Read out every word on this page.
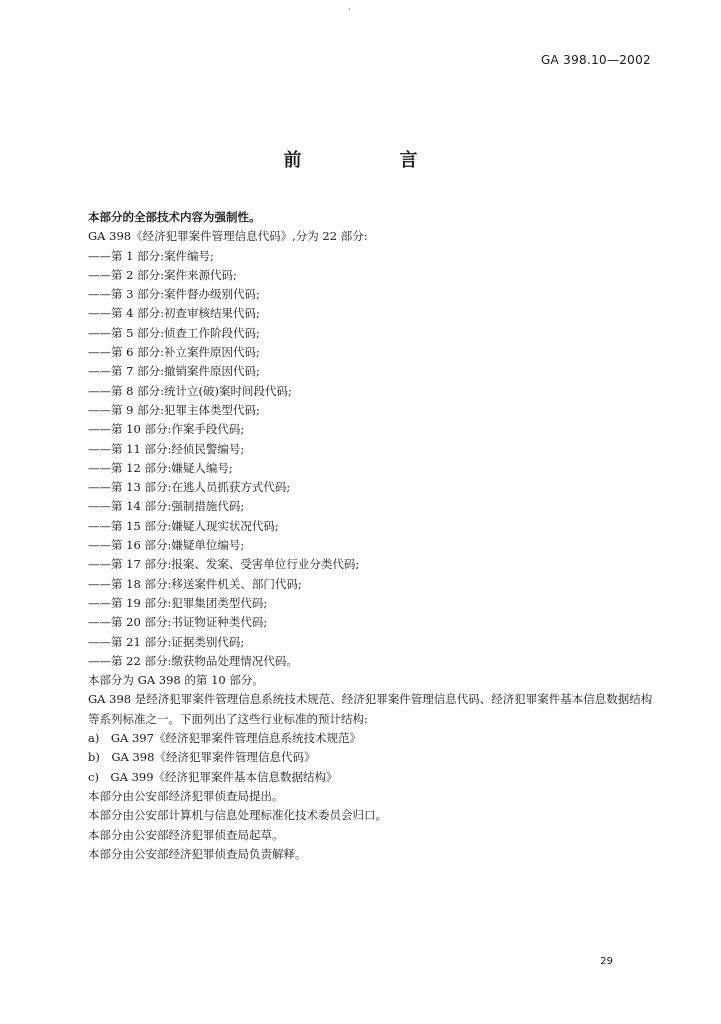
GA 398.10—2002
前　言
本部分的全部技术内容为强制性。
GA 398《经济犯罪案件管理信息代码》,分为 22 部分:
——第 1 部分:案件编号;
——第 2 部分:案件来源代码;
——第 3 部分:案件督办级别代码;
——第 4 部分:初查审核结果代码;
——第 5 部分:侦查工作阶段代码;
——第 6 部分:补立案件原因代码;
——第 7 部分:撤销案件原因代码;
——第 8 部分:统计立(破)案时间段代码;
——第 9 部分:犯罪主体类型代码;
——第 10 部分:作案手段代码;
——第 11 部分:经侦民警编号;
——第 12 部分:嫌疑人编号;
——第 13 部分:在逃人员抓获方式代码;
——第 14 部分:强制措施代码;
——第 15 部分:嫌疑人现实状况代码;
——第 16 部分:嫌疑单位编号;
——第 17 部分:报案、发案、受害单位行业分类代码;
——第 18 部分:移送案件机关、部门代码;
——第 19 部分:犯罪集团类型代码;
——第 20 部分:书证物证种类代码;
——第 21 部分:证据类别代码;
——第 22 部分:缴获物品处理情况代码。
本部分为 GA 398 的第 10 部分。
GA 398 是经济犯罪案件管理信息系统技术规范、经济犯罪案件管理信息代码、经济犯罪案件基本信息数据结构等系列标准之一。下面列出了这些行业标准的预计结构:
a)　GA 397《经济犯罪案件管理信息系统技术规范》
b)　GA 398《经济犯罪案件管理信息代码》
c)　GA 399《经济犯罪案件基本信息数据结构》
本部分由公安部经济犯罪侦查局提出。
本部分由公安部计算机与信息处理标准化技术委员会归口。
本部分由公安部经济犯罪侦查局起草。
本部分由公安部经济犯罪侦查局负责解释。
29
